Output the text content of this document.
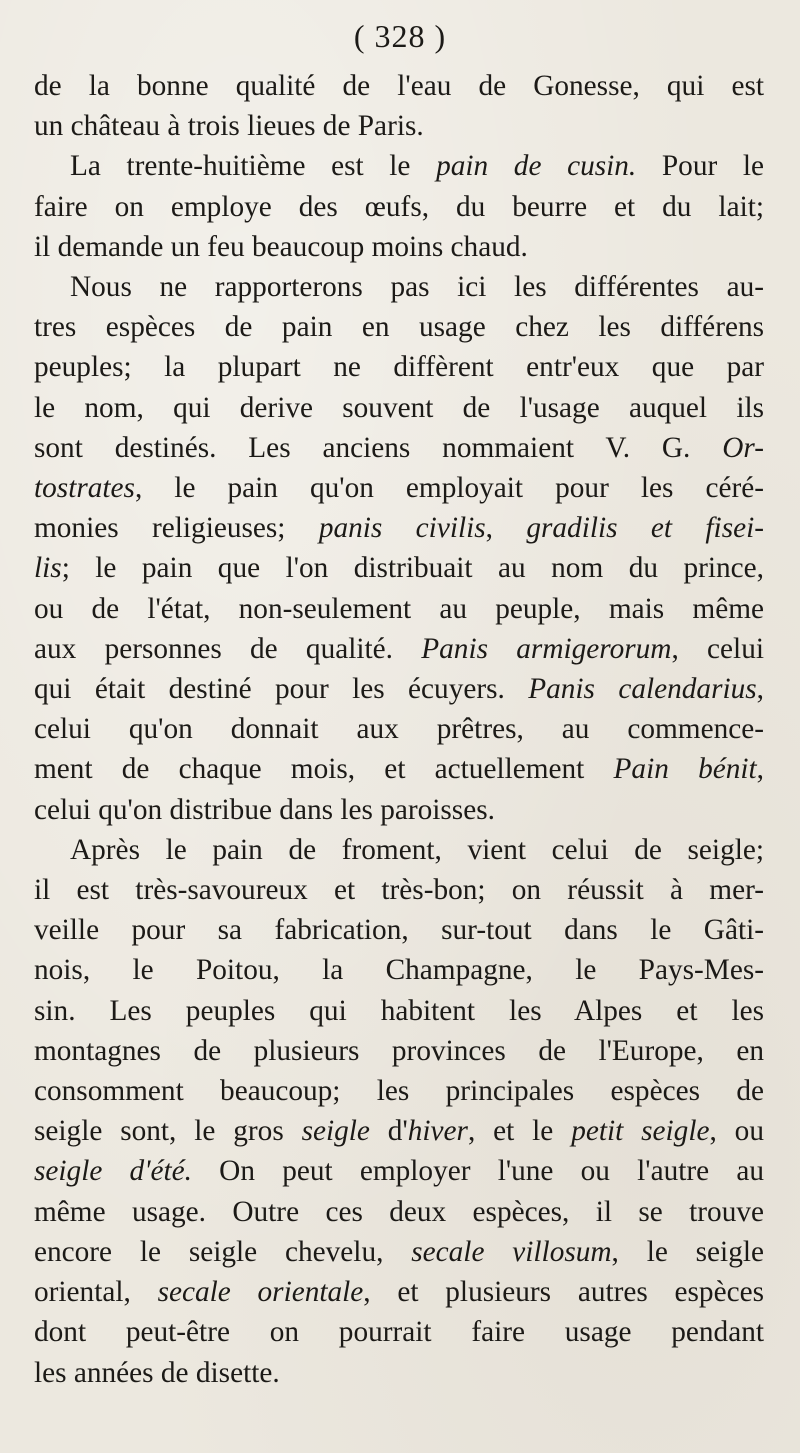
( 328 )
de la bonne qualité de l'eau de Gonesse, qui est
un château à trois lieues de Paris.
La trente-huitième est le pain de cusin. Pour le
faire on employe des œufs, du beurre et du lait;
il demande un feu beaucoup moins chaud.
Nous ne rapporterons pas ici les différentes au-
tres espèces de pain en usage chez les différens
peuples; la plupart ne diffèrent entr'eux que par
le nom, qui derive souvent de l'usage auquel ils
sont destinés. Les anciens nommaient V. G. Or-
tostrates, le pain qu'on employait pour les céré-
monies religieuses; panis civilis, gradilis et fisei-
lis; le pain que l'on distribuait au nom du prince,
ou de l'état, non-seulement au peuple, mais même
aux personnes de qualité. Panis armigerorum, celui
qui était destiné pour les écuyers. Panis calendarius,
celui qu'on donnait aux prêtres, au commence-
ment de chaque mois, et actuellement Pain bénit,
celui qu'on distribue dans les paroisses.
Après le pain de froment, vient celui de seigle;
il est très-savoureux et très-bon; on réussit à mer-
veille pour sa fabrication, sur-tout dans le Gâti-
nois, le Poitou, la Champagne, le Pays-Mes-
sin. Les peuples qui habitent les Alpes et les
montagnes de plusieurs provinces de l'Europe, en
consomment beaucoup; les principales espèces de
seigle sont, le gros seigle d'hiver, et le petit seigle, ou
seigle d'été. On peut employer l'une ou l'autre au
même usage. Outre ces deux espèces, il se trouve
encore le seigle chevelu, secale villosum, le seigle
oriental, secale orientale, et plusieurs autres espèces
dont peut-être on pourrait faire usage pendant
les années de disette.
